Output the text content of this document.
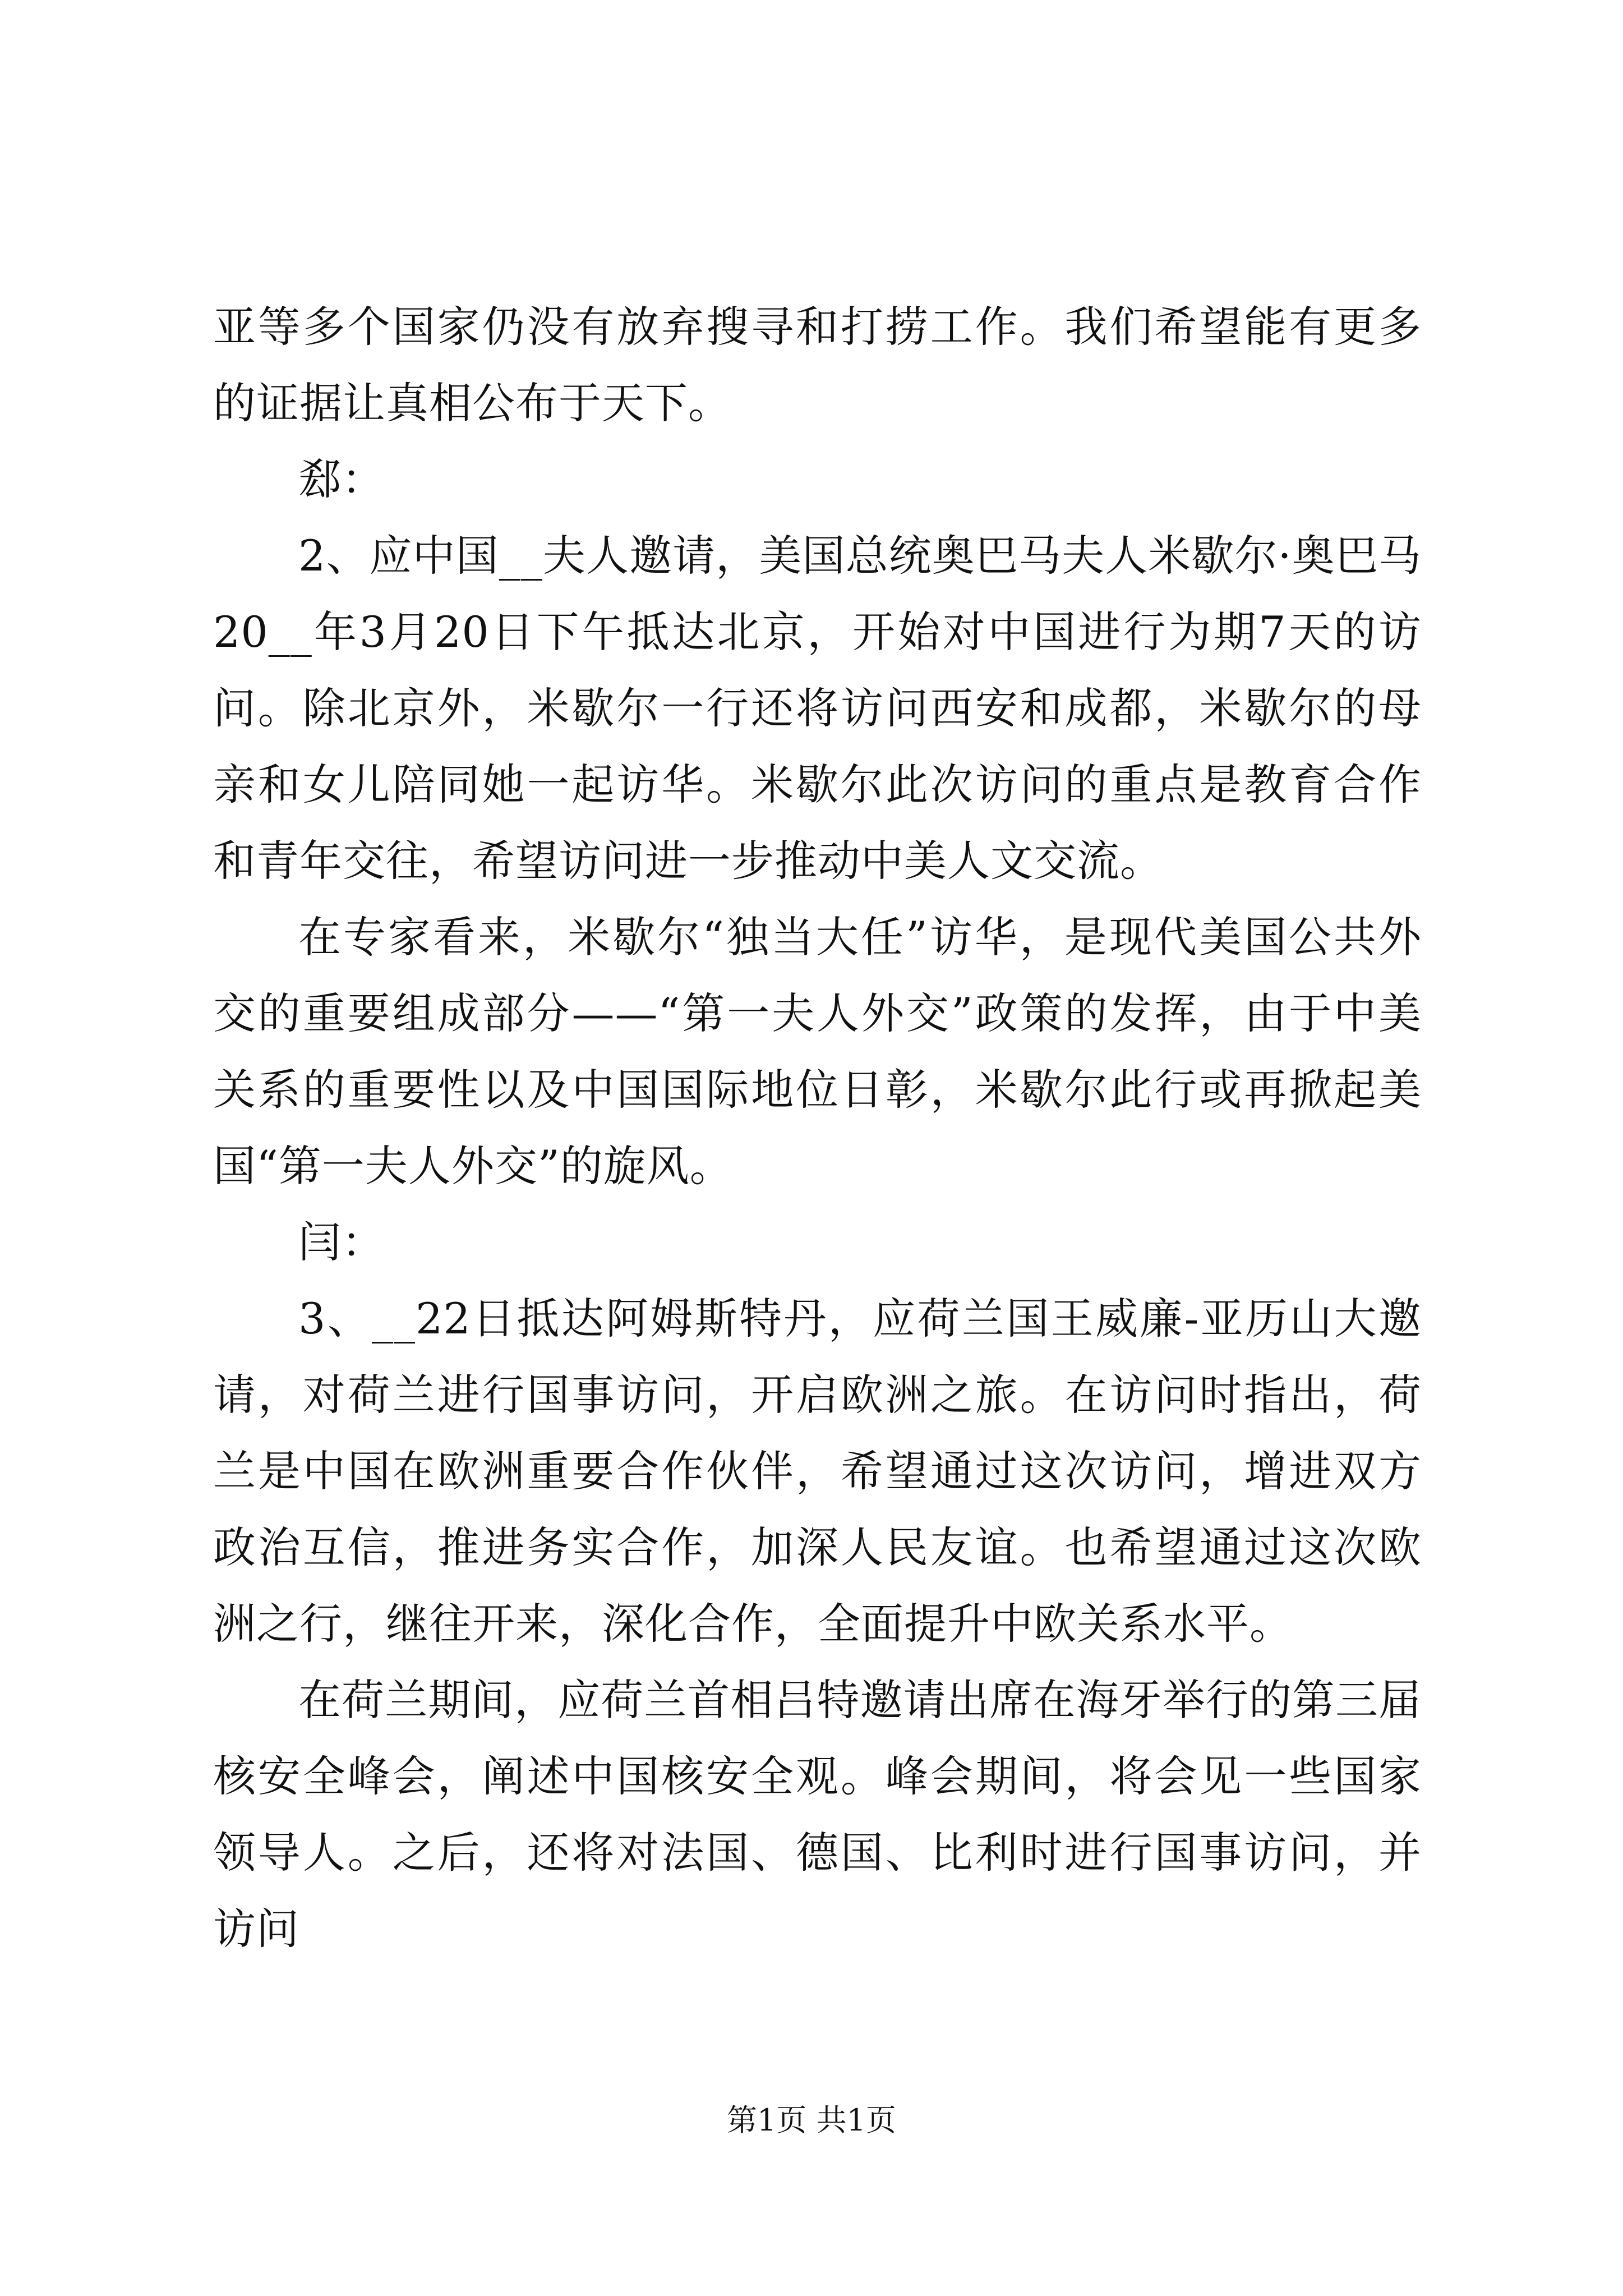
亚等多个国家仍没有放弃搜寻和打捞工作。我们希望能有更多的证据让真相公布于天下。

郄：

2、应中国__夫人邀请，美国总统奥巴马夫人米歇尔·奥巴马20__年3月20日下午抵达北京，开始对中国进行为期7天的访问。除北京外，米歇尔一行还将访问西安和成都，米歇尔的母亲和女儿陪同她一起访华。米歇尔此次访问的重点是教育合作和青年交往，希望访问进一步推动中美人文交流。

在专家看来，米歇尔“独当大任”访华，是现代美国公共外交的重要组成部分——“第一夫人外交”政策的发挥，由于中美关系的重要性以及中国国际地位日彰，米歇尔此行或再掀起美国“第一夫人外交”的旋风。

闫：

3、__22日抵达阿姆斯特丹，应荷兰国王威廉-亚历山大邀请，对荷兰进行国事访问，开启欧洲之旅。在访问时指出，荷兰是中国在欧洲重要合作伙伴，希望通过这次访问，增进双方政治互信，推进务实合作，加深人民友谊。也希望通过这次欧洲之行，继往开来，深化合作，全面提升中欧关系水平。

在荷兰期间，应荷兰首相吕特邀请出席在海牙举行的第三届核安全峰会，阐述中国核安全观。峰会期间，将会见一些国家领导人。之后，还将对法国、德国、比利时进行国事访问，并访问

第1页 共1页
